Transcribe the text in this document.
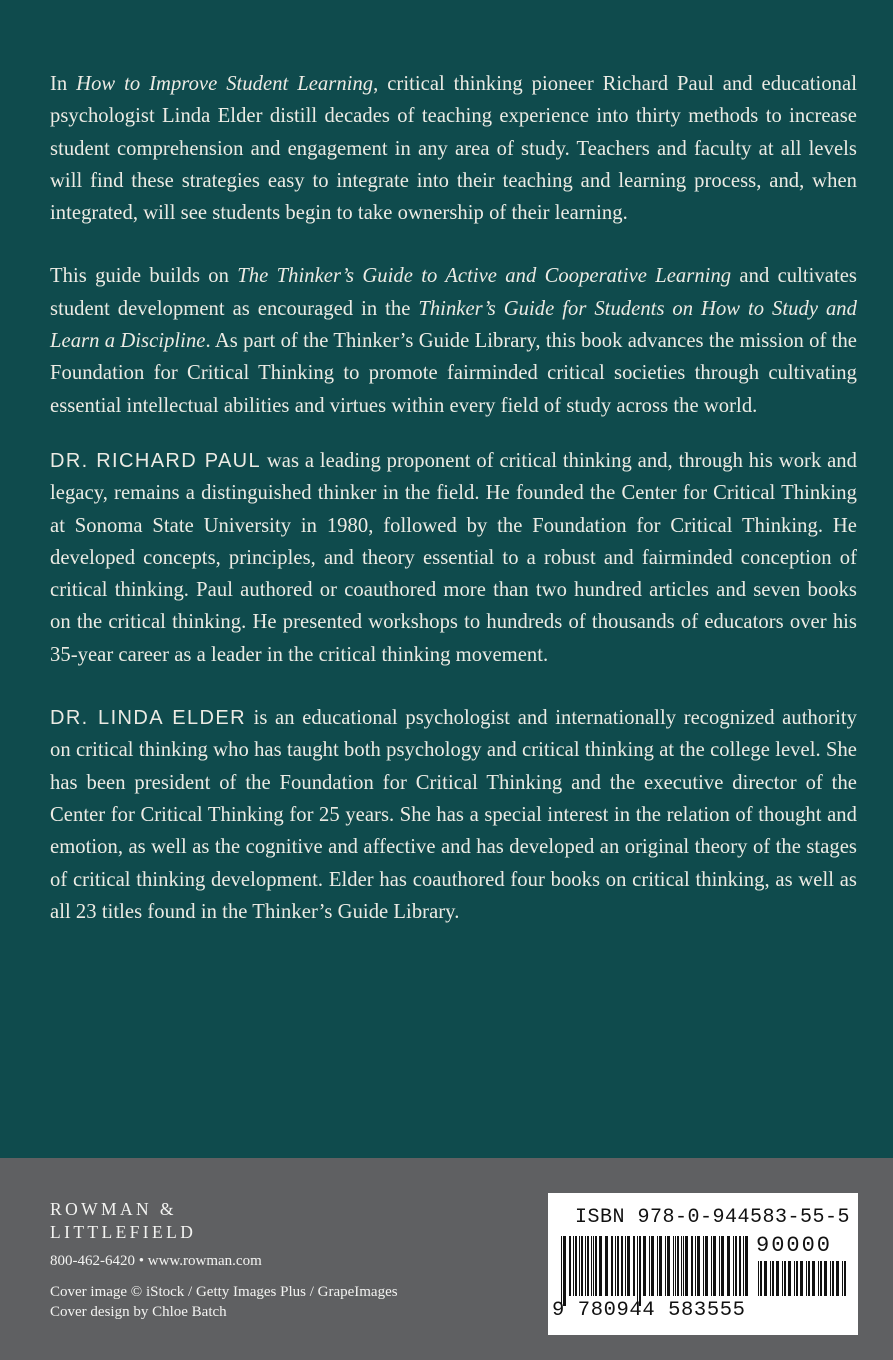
In How to Improve Student Learning, critical thinking pioneer Richard Paul and educational psychologist Linda Elder distill decades of teaching experience into thirty methods to increase student comprehension and engagement in any area of study. Teachers and faculty at all levels will find these strategies easy to integrate into their teaching and learning process, and, when integrated, will see students begin to take ownership of their learning.

This guide builds on The Thinker’s Guide to Active and Cooperative Learning and cultivates student development as encouraged in the Thinker’s Guide for Students on How to Study and Learn a Discipline. As part of the Thinker’s Guide Library, this book advances the mission of the Foundation for Critical Thinking to promote fairminded critical societies through cultivating essential intellectual abilities and virtues within every field of study across the world.

DR. RICHARD PAUL was a leading proponent of critical thinking and, through his work and legacy, remains a distinguished thinker in the field. He founded the Center for Critical Thinking at Sonoma State University in 1980, followed by the Foundation for Critical Thinking. He developed concepts, principles, and theory essential to a robust and fairminded conception of critical thinking. Paul authored or coauthored more than two hundred articles and seven books on the critical thinking. He presented workshops to hundreds of thousands of educators over his 35-year career as a leader in the critical thinking movement.

DR. LINDA ELDER is an educational psychologist and internationally recognized authority on critical thinking who has taught both psychology and critical thinking at the college level. She has been president of the Foundation for Critical Thinking and the executive director of the Center for Critical Thinking for 25 years. She has a special interest in the relation of thought and emotion, as well as the cognitive and affective and has developed an original theory of the stages of critical thinking development. Elder has coauthored four books on critical thinking, as well as all 23 titles found in the Thinker’s Guide Library.

ROWMAN &
LITTLEFIELD
800-462-6420 • www.rowman.com
Cover image © iStock / Getty Images Plus / GrapeImages
Cover design by Chloe Batch
ISBN 978-0-944583-55-5
90000
9 780944 583555
